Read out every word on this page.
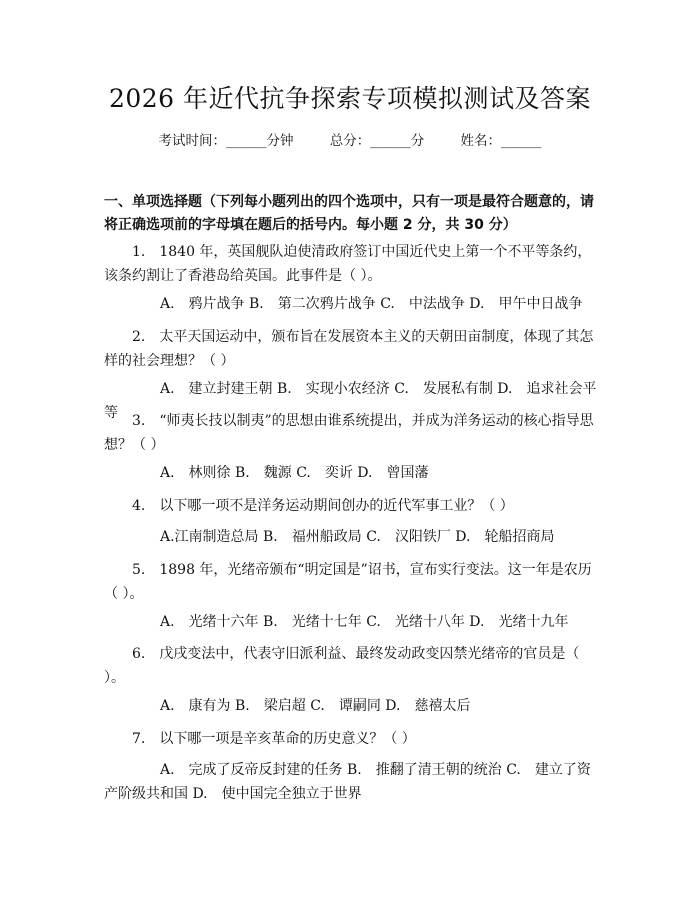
2026 年近代抗争探索专项模拟测试及答案
考试时间：______分钟	总分：______分	姓名：______
一、单项选择题（下列每小题列出的四个选项中，只有一项是最符合题意的，请将正确选项前的字母填在题后的括号内。每小题 2 分，共 30 分）
1.　1840 年，英国舰队迫使清政府签订中国近代史上第一个不平等条约，该条约割让了香港岛给英国。此事件是（ ）。
A.　鸦片战争 B.　第二次鸦片战争 C.　中法战争 D.　甲午中日战争
2.　太平天国运动中，颁布旨在发展资本主义的天朝田亩制度，体现了其怎样的社会理想？（ ）
A.　建立封建王朝 B.　实现小农经济 C.　发展私有制 D.　追求社会平等	3.　“师夷长技以制夷”的思想由谁系统提出，并成为洋务运动的核心指导思想？（ ）
A.　林则徐 B.　魏源 C.　奕䜣 D.　曾国藩
4.　以下哪一项不是洋务运动期间创办的近代军事工业？（ ）
A.江南制造总局 B.　福州船政局 C.　汉阳铁厂 D.　轮船招商局
5.　1898 年，光绪帝颁布“明定国是”诏书，宣布实行变法。这一年是农历（ ）。
A.　光绪十六年 B.　光绪十七年 C.　光绪十八年 D.　光绪十九年
6.　戊戌变法中，代表守旧派利益、最终发动政变囚禁光绪帝的官员是（ ）。
A.　康有为 B.　梁启超 C.　谭嗣同 D.　慈禧太后
7.　以下哪一项是辛亥革命的历史意义？（ ）
A.　完成了反帝反封建的任务 B.　推翻了清王朝的统治 C.　建立了资产阶级共和国 D.　使中国完全独立于世界
